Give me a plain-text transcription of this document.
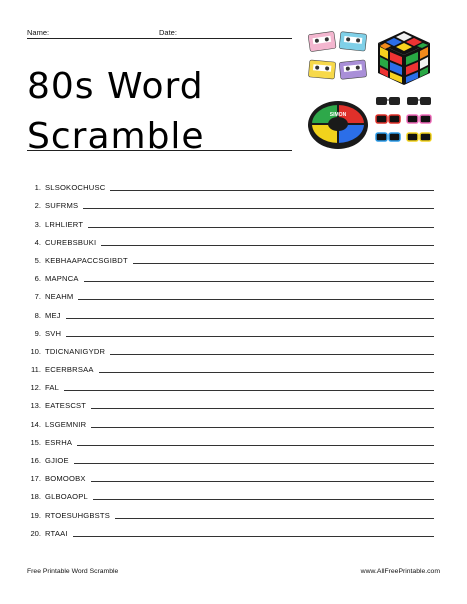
Name:	Date:
80s Word
Scramble
SIMON
1. SLSOKOCHUSC
2. SUFRMS
3. LRHLIERT
4. CUREBSBUKI
5. KEBHAAPACCSGIBDT
6. MAPNCA
7. NEAHM
8. MEJ
9. SVH
10. TDICNANIGYDR
11. ECERBRSAA
12. FAL
13. EATESCST
14. LSGEMNIR
15. ESRHA
16. GJIOE
17. BOMOOBX
18. GLBOAOPL
19. RTOESUHGBSTS
20. RTAAI
Free Printable Word Scramble	www.AllFreePrintable.com
